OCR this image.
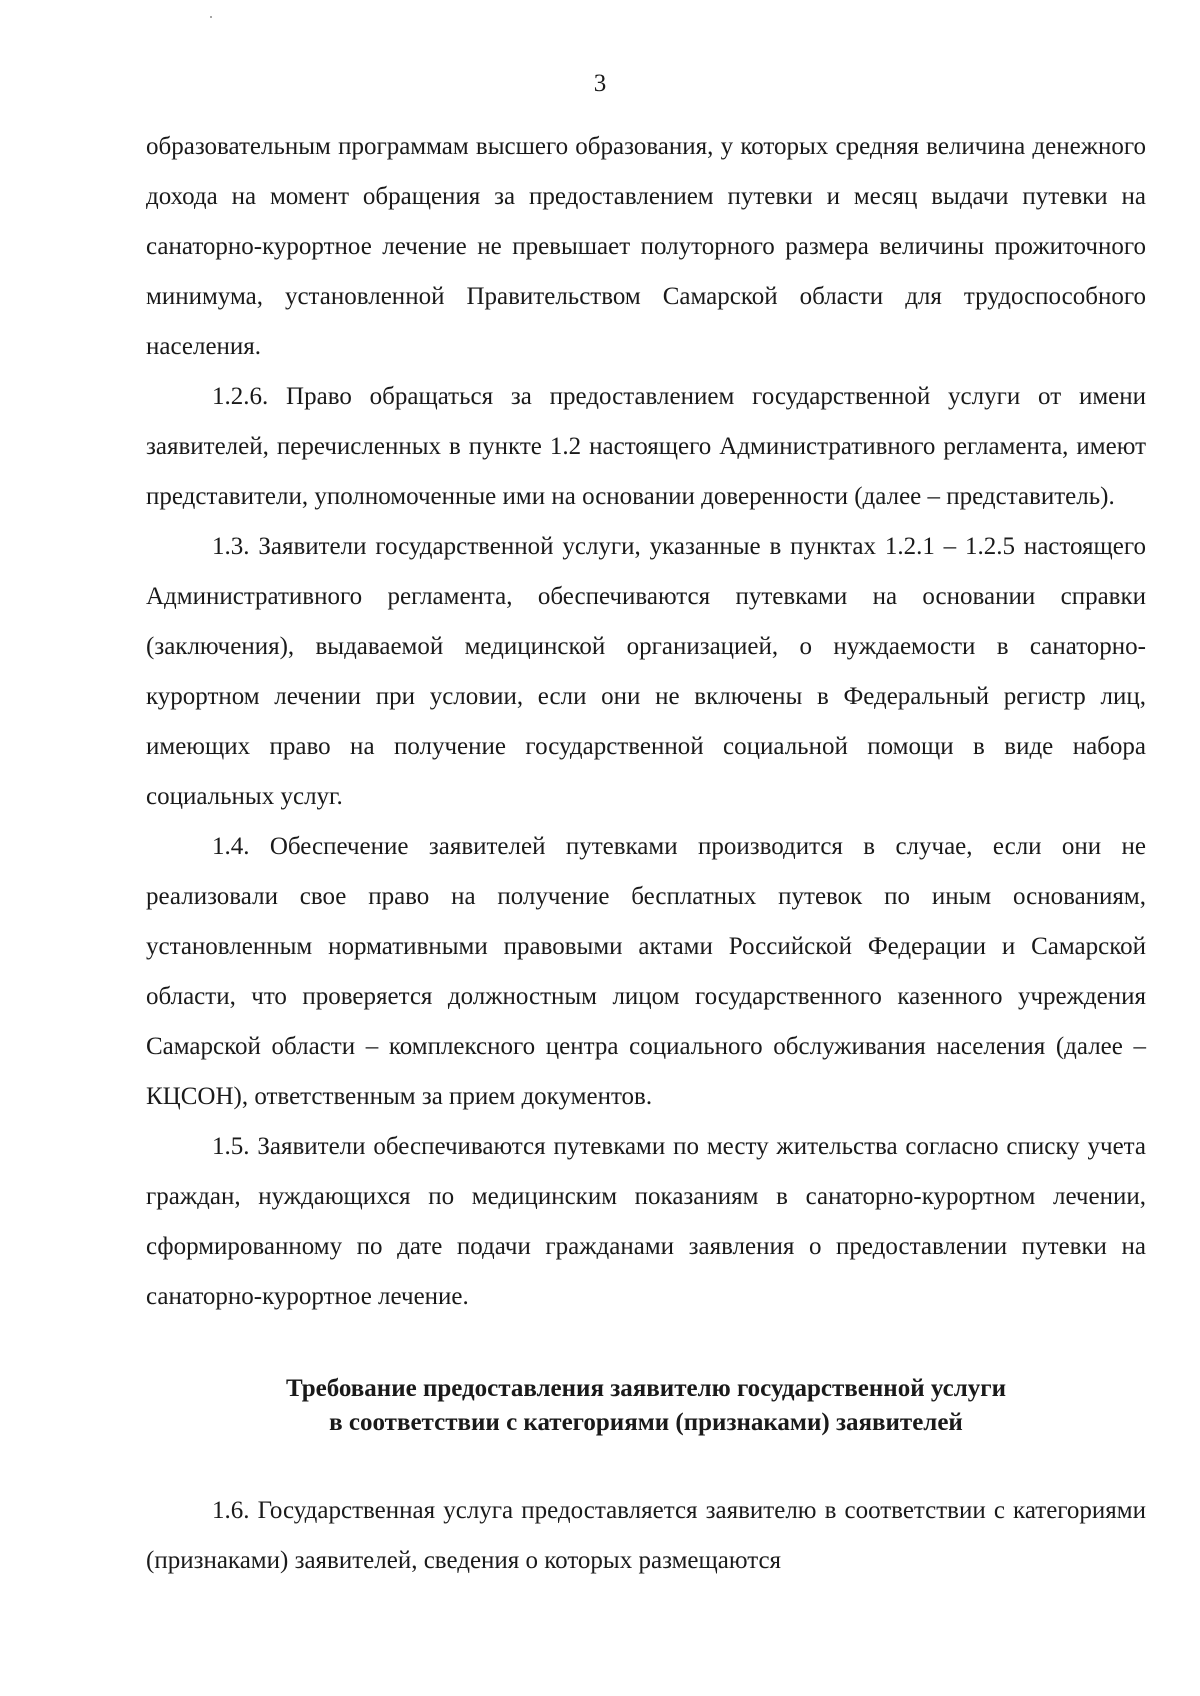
3

образовательным программам высшего образования, у которых средняя величина денежного дохода на момент обращения за предоставлением путевки и месяц выдачи путевки на санаторно-курортное лечение не превышает полуторного размера величины прожиточного минимума, установленной Правительством Самарской области для трудоспособного населения.

1.2.6. Право обращаться за предоставлением государственной услуги от имени заявителей, перечисленных в пункте 1.2 настоящего Административного регламента, имеют представители, уполномоченные ими на основании доверенности (далее – представитель).

1.3. Заявители государственной услуги, указанные в пунктах 1.2.1 – 1.2.5 настоящего Административного регламента, обеспечиваются путевками на основании справки (заключения), выдаваемой медицинской организацией, о нуждаемости в санаторно-курортном лечении при условии, если они не включены в Федеральный регистр лиц, имеющих право на получение государственной социальной помощи в виде набора социальных услуг.

1.4. Обеспечение заявителей путевками производится в случае, если они не реализовали свое право на получение бесплатных путевок по иным основаниям, установленным нормативными правовыми актами Российской Федерации и Самарской области, что проверяется должностным лицом государственного казенного учреждения Самарской области – комплексного центра социального обслуживания населения (далее – КЦСОН), ответственным за прием документов.

1.5. Заявители обеспечиваются путевками по месту жительства согласно списку учета граждан, нуждающихся по медицинским показаниям в санаторно-курортном лечении, сформированному по дате подачи гражданами заявления о предоставлении путевки на санаторно-курортное лечение.

Требование предоставления заявителю государственной услуги
в соответствии с категориями (признаками) заявителей

1.6. Государственная услуга предоставляется заявителю в соответствии с категориями (признаками) заявителей, сведения о которых размещаются
